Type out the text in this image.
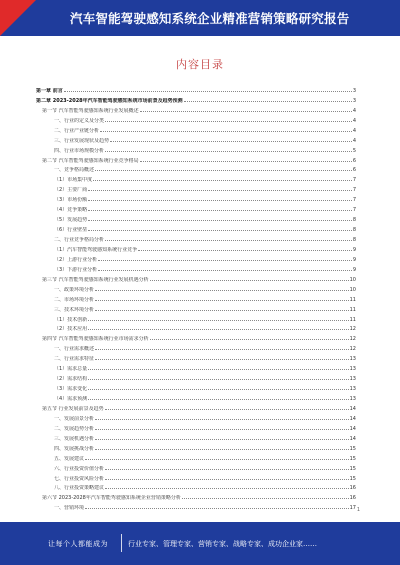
汽车智能驾驶感知系统企业精准营销策略研究报告
内容目录
第一章 前言	3
第二章 2023-2028年汽车智能驾驶感知系统市场前景及趋势预测	3
第一节 汽车智能驾驶感知系统行业发展概述	4
一、行业的定义及分类	4
二、行业产业链分析	4
三、行业发展现状及趋势	4
四、行业市场规模分析	5
第二节 汽车智能驾驶感知系统行业竞争格局	6
一、竞争格局概述	6
（1）市场集中度	7
（2）主要厂商	7
（3）市场份额	7
（4）竞争策略	7
（5）发展趋势	8
（6）行业壁垒	8
二、行业竞争格局分析	8
（1）汽车智能驾驶感知系统行业竞争	9
（2）上游行业分析	9
（3）下游行业分析	9
第三节 汽车智能驾驶感知系统行业发展机遇分析	10
一、政策环境分析	10
二、市场环境分析	11
三、技术环境分析	11
（1）技术创新	11
（2）技术应用	12
第四节 汽车智能驾驶感知系统行业市场需求分析	12
一、行业需求概述	12
二、行业需求特征	13
（1）需求总量	13
（2）需求结构	13
（3）需求变化	13
（4）需求预测	13
第五节 行业发展前景及趋势	14
一、发展前景分析	14
二、发展趋势分析	14
三、发展机遇分析	14
四、发展挑战分析	15
五、发展建议	15
六、行业投资价值分析	15
七、行业投资风险分析	15
八、行业投资策略建议	16
第六节 2023-2028年汽车智能驾驶感知系统企业营销策略分析	16
一、营销环境	17 1
让每个人都能成为	行业专家、管理专家、营销专家、战略专家、成功企业家……
